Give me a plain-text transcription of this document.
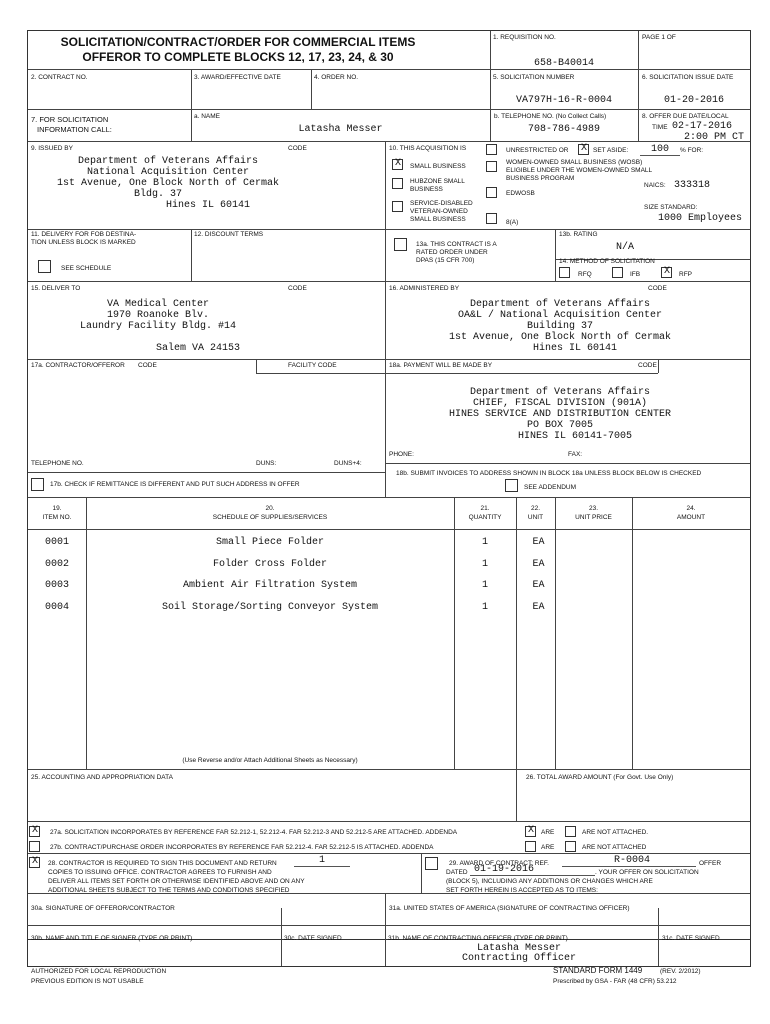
SOLICITATION/CONTRACT/ORDER FOR COMMERCIAL ITEMS
OFFEROR TO COMPLETE BLOCKS 12, 17, 23, 24, & 30
1. REQUISITION NO.
658-B40014
PAGE 1 OF
2. CONTRACT NO.	3. AWARD/EFFECTIVE DATE	4. ORDER NO.	5. SOLICITATION NUMBER
VA797H-16-R-0004
6. SOLICITATION ISSUE DATE
01-20-2016
7. FOR SOLICITATION
INFORMATION CALL:
a. NAME
Latasha Messer
b. TELEPHONE NO. (No Collect Calls)
708-786-4989
8. OFFER DUE DATE/LOCAL
TIME 02-17-2016
2:00 PM CT
9. ISSUED BY	CODE
Department of Veterans Affairs
National Acquisition Center
1st Avenue, One Block North of Cermak
Bldg. 37
Hines IL 60141
10. THIS ACQUISITION IS	UNRESTRICTED OR X SET ASIDE:	100	% FOR:
X	SMALL BUSINESS
HUBZONE SMALL BUSINESS
SERVICE-DISABLED VETERAN-OWNED SMALL BUSINESS
WOMEN-OWNED SMALL BUSINESS (WOSB) ELIGIBLE UNDER THE WOMEN-OWNED SMALL BUSINESS PROGRAM
EDWOSB
8(A)
NAICS: 333318
SIZE STANDARD:
1000 Employees
11. DELIVERY FOR FOB DESTINA- TION UNLESS BLOCK IS MARKED
SEE SCHEDULE
12. DISCOUNT TERMS
13a. THIS CONTRACT IS A RATED ORDER UNDER DPAS (15 CFR 700)
13b. RATING
N/A
14. METHOD OF SOLICITATION
RFQ	IFB X	RFP
15. DELIVER TO	CODE
VA Medical Center
1970 Roanoke Blv.
Laundry Facility Bldg. #14
Salem VA 24153
16. ADMINISTERED BY	CODE
Department of Veterans Affairs
OA&L / National Acquisition Center
Building 37
1st Avenue, One Block North of Cermak
Hines IL 60141
17a. CONTRACTOR/OFFEROR CODE	FACILITY CODE
TELEPHONE NO.	DUNS:	DUNS+4:
17b. CHECK IF REMITTANCE IS DIFFERENT AND PUT SUCH ADDRESS IN OFFER
18a. PAYMENT WILL BE MADE BY	CODE
Department of Veterans Affairs
CHIEF, FISCAL DIVISION (901A)
HINES SERVICE AND DISTRIBUTION CENTER
PO BOX 7005
HINES IL 60141-7005
PHONE:	FAX:
18b. SUBMIT INVOICES TO ADDRESS SHOWN IN BLOCK 18a UNLESS BLOCK BELOW IS CHECKED
SEE ADDENDUM
19.
ITEM NO.
20.
SCHEDULE OF SUPPLIES/SERVICES
21.
QUANTITY
22.
UNIT
23.
UNIT PRICE
24.
AMOUNT
0001	Small Piece Folder	1	EA
0002	Folder Cross Folder	1	EA
0003	Ambient Air Filtration System	1	EA
0004	Soil Storage/Sorting Conveyor System	1	EA
(Use Reverse and/or Attach Additional Sheets as Necessary)
25. ACCOUNTING AND APPROPRIATION DATA	26. TOTAL AWARD AMOUNT (For Govt. Use Only)
X	27a. SOLICITATION INCORPORATES BY REFERENCE FAR 52.212-1, 52.212-4. FAR 52.212-3 AND 52.212-5 ARE ATTACHED. ADDENDA	X	ARE	ARE NOT ATTACHED.
27b. CONTRACT/PURCHASE ORDER INCORPORATES BY REFERENCE FAR 52.212-4. FAR 52.212-5 IS ATTACHED. ADDENDA	ARE	ARE NOT ATTACHED
X	28. CONTRACTOR IS REQUIRED TO SIGN THIS DOCUMENT AND RETURN	1
COPIES TO ISSUING OFFICE. CONTRACTOR AGREES TO FURNISH AND
DELIVER ALL ITEMS SET FORTH OR OTHERWISE IDENTIFIED ABOVE AND ON ANY
ADDITIONAL SHEETS SUBJECT TO THE TERMS AND CONDITIONS SPECIFIED
29. AWARD OF CONTRACT: REF.	R-0004	OFFER
DATED 01-19-2016	. YOUR OFFER ON SOLICITATION
(BLOCK 5), INCLUDING ANY ADDITIONS OR CHANGES WHICH ARE
SET FORTH HEREIN IS ACCEPTED AS TO ITEMS:
30a. SIGNATURE OF OFFEROR/CONTRACTOR	31a. UNITED STATES OF AMERICA (SIGNATURE OF CONTRACTING OFFICER)
30b. NAME AND TITLE OF SIGNER (TYPE OR PRINT)	30c. DATE SIGNED	31b. NAME OF CONTRACTING OFFICER (TYPE OR PRINT)
Latasha Messer
Contracting Officer
31c. DATE SIGNED
AUTHORIZED FOR LOCAL REPRODUCTION
PREVIOUS EDITION IS NOT USABLE
STANDARD FORM 1449	(REV. 2/2012)
Prescribed by GSA - FAR (48 CFR) 53.212
